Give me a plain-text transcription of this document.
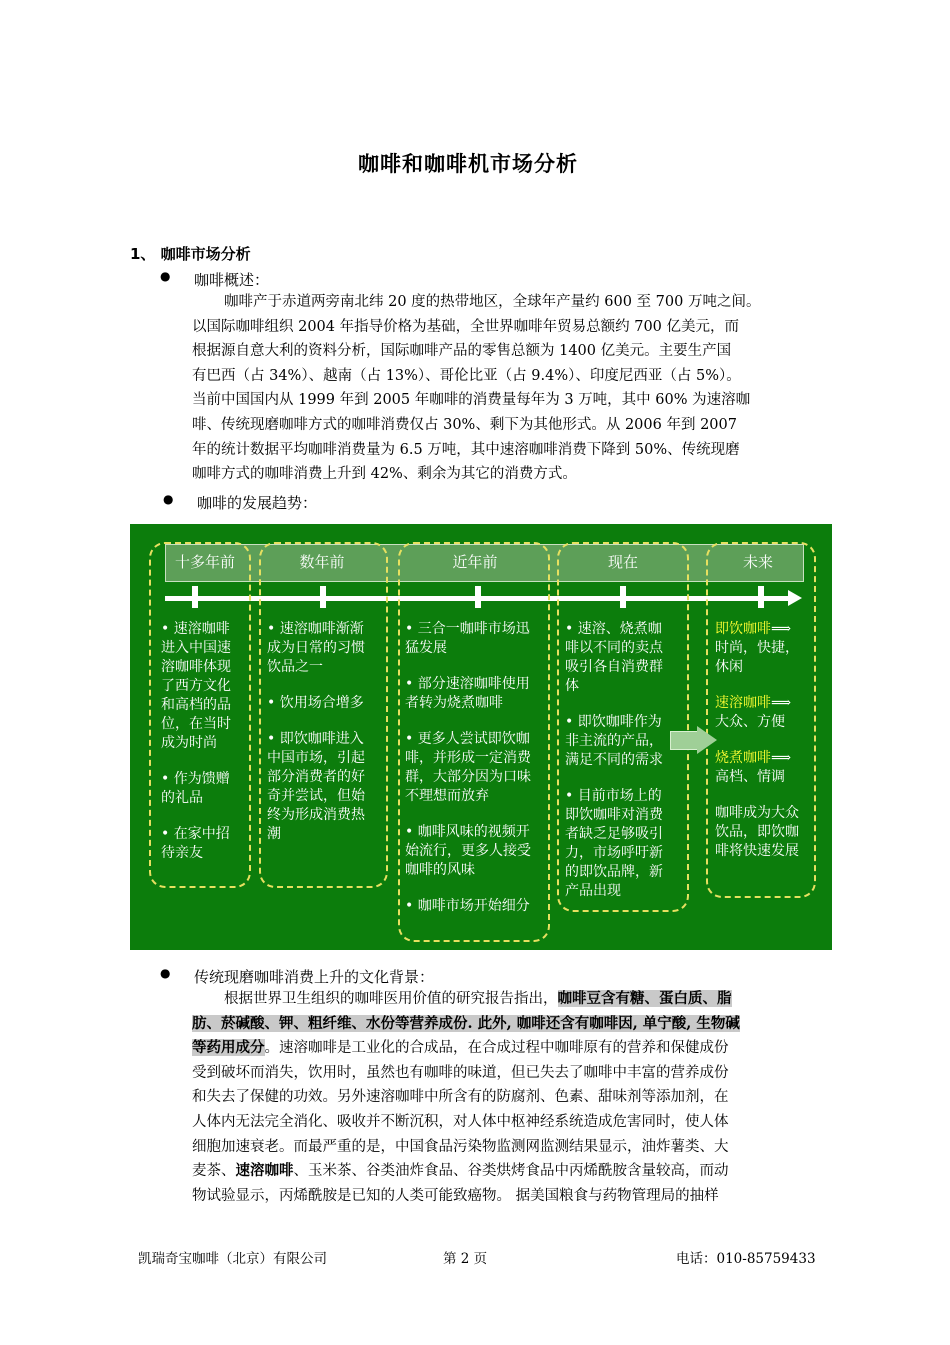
咖啡和咖啡机市场分析
1、 咖啡市场分析
● 咖啡概述：
咖啡产于赤道两旁南北纬 20 度的热带地区，全球年产量约 600 至 700 万吨之间。
以国际咖啡组织 2004 年指导价格为基础，全世界咖啡年贸易总额约 700 亿美元，而
根据源自意大利的资料分析，国际咖啡产品的零售总额为 1400 亿美元。主要生产国
有巴西（占 34%）、越南（占 13%）、哥伦比亚（占 9.4%）、印度尼西亚（占 5%）。
当前中国国内从 1999 年到 2005 年咖啡的消费量每年为 3 万吨，其中 60% 为速溶咖
啡、传统现磨咖啡方式的咖啡消费仅占 30%、剩下为其他形式。从 2006 年到 2007
年的统计数据平均咖啡消费量为 6.5 万吨，其中速溶咖啡消费下降到 50%、传统现磨
咖啡方式的咖啡消费上升到 42%、剩余为其它的消费方式。
● 咖啡的发展趋势：
十多年前	数年前	近年前	现在	未来

• 速溶咖啡
进入中国速
溶咖啡体现
了西方文化
和高档的品
位，在当时
成为时尚

• 作为馈赠
的礼品

• 在家中招
待亲友

• 速溶咖啡渐渐
成为日常的习惯
饮品之一

• 饮用场合增多

• 即饮咖啡进入
中国市场，引起
部分消费者的好
奇并尝试，但始
终为形成消费热
潮

• 三合一咖啡市场迅
猛发展

• 部分速溶咖啡使用
者转为烧煮咖啡

• 更多人尝试即饮咖
啡，并形成一定消费
群，大部分因为口味
不理想而放弃

• 咖啡风味的视频开
始流行，更多人接受
咖啡的风味

• 咖啡市场开始细分

• 速溶、烧煮咖
啡以不同的卖点
吸引各自消费群
体

• 即饮咖啡作为
非主流的产品，
满足不同的需求

• 目前市场上的
即饮咖啡对消费
者缺乏足够吸引
力，市场呼吁新
的即饮品牌，新
产品出现

即饮咖啡⟹
时尚，快捷，
休闲

速溶咖啡⟹
大众、方便

烧煮咖啡⟹
高档、情调

咖啡成为大众
饮品，即饮咖
啡将快速发展

● 传统现磨咖啡消费上升的文化背景：
根据世界卫生组织的咖啡医用价值的研究报告指出，咖啡豆含有糖、蛋白质、脂
肪、菸碱酸、钾、粗纤维、水份等营养成份. 此外, 咖啡还含有咖啡因, 单宁酸, 生物碱
等药用成分。速溶咖啡是工业化的合成品，在合成过程中咖啡原有的营养和保健成份
受到破坏而消失，饮用时，虽然也有咖啡的味道，但已失去了咖啡中丰富的营养成份
和失去了保健的功效。另外速溶咖啡中所含有的防腐剂、色素、甜味剂等添加剂，在
人体内无法完全消化、吸收并不断沉积，对人体中枢神经系统造成危害同时，使人体
细胞加速衰老。而最严重的是，中国食品污染物监测网监测结果显示，油炸薯类、大
麦茶、速溶咖啡、玉米茶、谷类油炸食品、谷类烘烤食品中丙烯酰胺含量较高，而动
物试验显示，丙烯酰胺是已知的人类可能致癌物。 据美国粮食与药物管理局的抽样
凯瑞奇宝咖啡（北京）有限公司	第 2 页	电话：010-85759433
